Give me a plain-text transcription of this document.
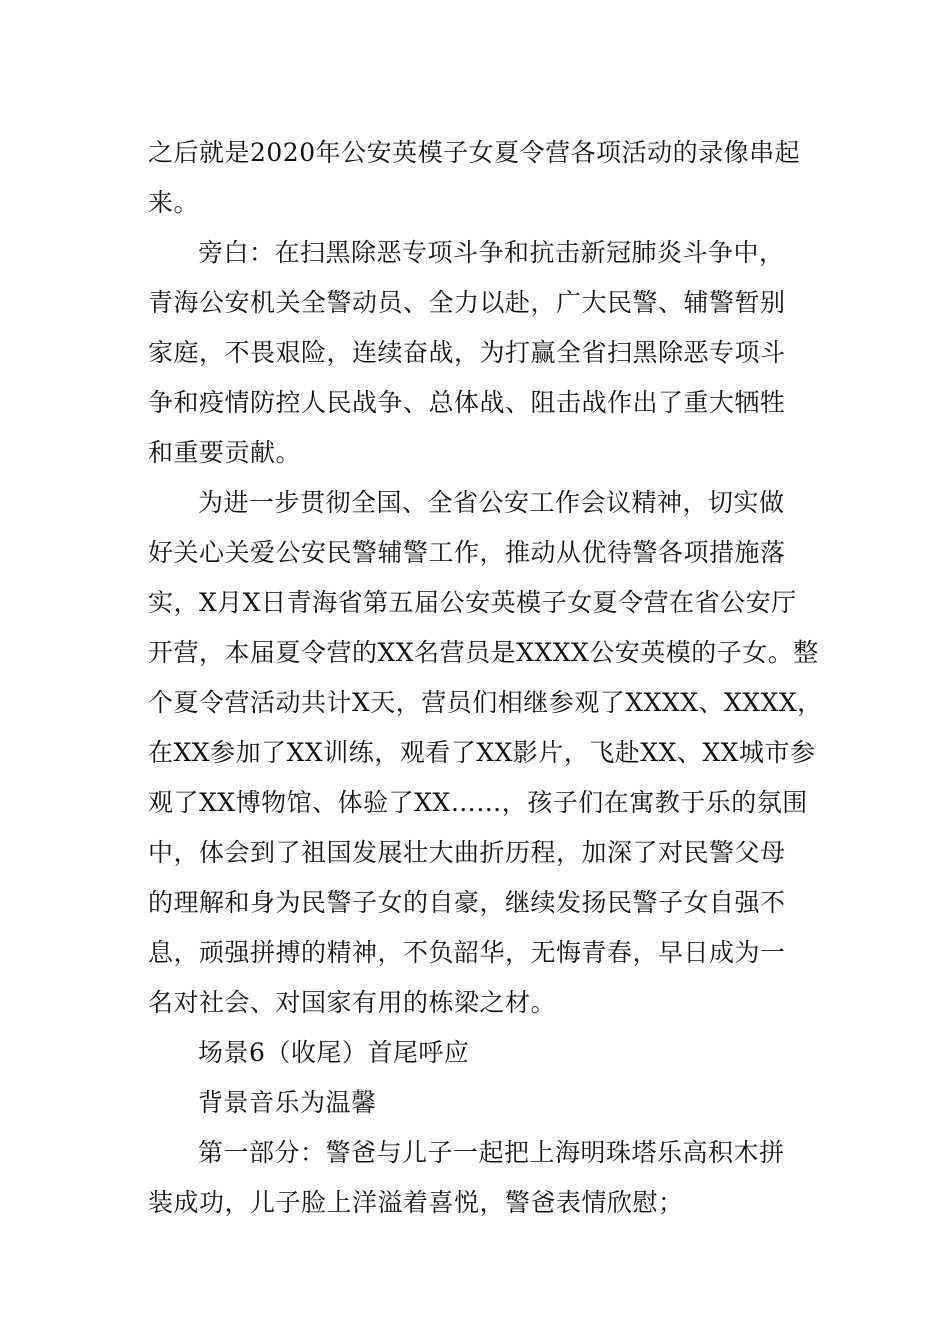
之后就是2020年公安英模子女夏令营各项活动的录像串起
来。
旁白：在扫黑除恶专项斗争和抗击新冠肺炎斗争中，
青海公安机关全警动员、全力以赴，广大民警、辅警暂别
家庭，不畏艰险，连续奋战，为打赢全省扫黑除恶专项斗
争和疫情防控人民战争、总体战、阻击战作出了重大牺牲
和重要贡献。
为进一步贯彻全国、全省公安工作会议精神，切实做
好关心关爱公安民警辅警工作，推动从优待警各项措施落
实，X月X日青海省第五届公安英模子女夏令营在省公安厅
开营，本届夏令营的XX名营员是XXXX公安英模的子女。整
个夏令营活动共计X天，营员们相继参观了XXXX、XXXX，
在XX参加了XX训练，观看了XX影片，飞赴XX、XX城市参
观了XX博物馆、体验了XX……，孩子们在寓教于乐的氛围
中，体会到了祖国发展壮大曲折历程，加深了对民警父母
的理解和身为民警子女的自豪，继续发扬民警子女自强不
息，顽强拼搏的精神，不负韶华，无悔青春，早日成为一
名对社会、对国家有用的栋梁之材。
场景6（收尾）首尾呼应
背景音乐为温馨
第一部分：警爸与儿子一起把上海明珠塔乐高积木拼
装成功，儿子脸上洋溢着喜悦，警爸表情欣慰；
